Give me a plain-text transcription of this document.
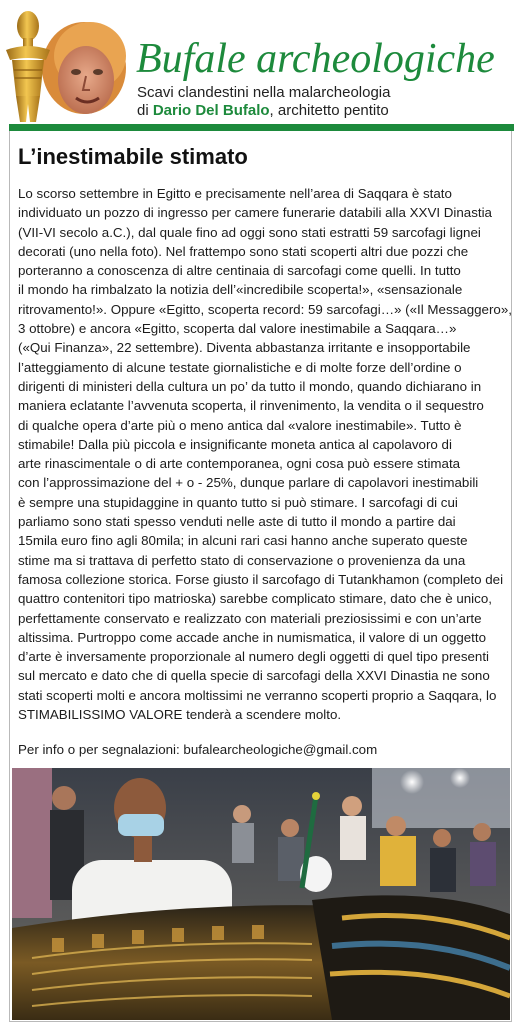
Bufale archeologiche
Scavi clandestini nella malarcheologia
di Dario Del Bufalo, architetto pentito
L’inestimabile stimato
Lo scorso settembre in Egitto e precisamente nell’area di Saqqara è stato
individuato un pozzo di ingresso per camere funerarie databili alla XXVI Dinastia
(VII-VI secolo a.C.), dal quale fino ad oggi sono stati estratti 59 sarcofagi lignei
decorati (uno nella foto). Nel frattempo sono stati scoperti altri due pozzi che
porteranno a conoscenza di altre centinaia di sarcofagi come quelli. In tutto
il mondo ha rimbalzato la notizia dell’«incredibile scoperta!», «sensazionale
ritrovamento!». Oppure «Egitto, scoperta record: 59 sarcofagi…» («Il Messaggero»,
3 ottobre) e ancora «Egitto, scoperta dal valore inestimabile a Saqqara…»
(«Qui Finanza», 22 settembre). Diventa abbastanza irritante e insopportabile
l’atteggiamento di alcune testate giornalistiche e di molte forze dell’ordine o
dirigenti di ministeri della cultura un po’ da tutto il mondo, quando dichiarano in
maniera eclatante l’avvenuta scoperta, il rinvenimento, la vendita o il sequestro
di qualche opera d’arte più o meno antica dal «valore inestimabile». Tutto è
stimabile! Dalla più piccola e insignificante moneta antica al capolavoro di
arte rinascimentale o di arte contemporanea, ogni cosa può essere stimata
con l’approssimazione del + o - 25%, dunque parlare di capolavori inestimabili
è sempre una stupidaggine in quanto tutto si può stimare. I sarcofagi di cui
parliamo sono stati spesso venduti nelle aste di tutto il mondo a partire dai
15mila euro fino agli 80mila; in alcuni rari casi hanno anche superato queste
stime ma si trattava di perfetto stato di conservazione o provenienza da una
famosa collezione storica. Forse giusto il sarcofago di Tutankhamon (completo dei
quattro contenitori tipo matrioska) sarebbe complicato stimare, dato che è unico,
perfettamente conservato e realizzato con materiali preziosissimi e con un’arte
altissima. Purtroppo come accade anche in numismatica, il valore di un oggetto
d’arte è inversamente proporzionale al numero degli oggetti di quel tipo presenti
sul mercato e dato che di quella specie di sarcofagi della XXVI Dinastia ne sono
stati scoperti molti e ancora moltissimi ne verranno scoperti proprio a Saqqara, lo
STIMABILISSIMO VALORE tenderà a scendere molto.
Per info o per segnalazioni: bufalearcheologiche@gmail.com
